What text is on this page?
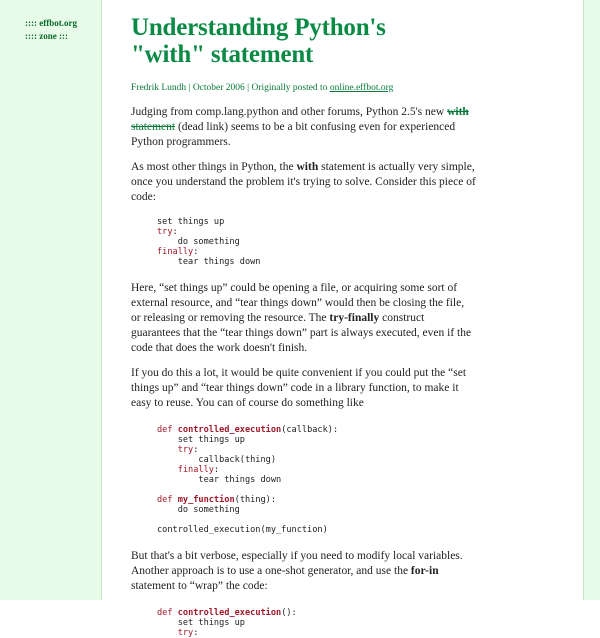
:::: effbot.org
:::: zone :::	Understanding Python's
"with" statement
Fredrik Lundh | October 2006 | Originally posted to online.effbot.org

Judging from comp.lang.python and other forums, Python 2.5's new with
statement (dead link) seems to be a bit confusing even for experienced Python programmers.

As most other things in Python, the with statement is actually very simple, once you understand the problem it's trying to solve. Consider this piece of code:

set things up
try:
do something
finally:
tear things down

Here, “set things up” could be opening a file, or acquiring some sort of external resource, and “tear things down” would then be closing the file, or releasing or removing the resource. The try-finally construct guarantees that the “tear things down” part is always executed, even if the code that does the work doesn't finish.

If you do this a lot, it would be quite convenient if you could put the “set things up” and “tear things down” code in a library function, to make it easy to reuse. You can of course do something like

def controlled_execution(callback):
set things up
try:
callback(thing)
finally:
tear things down

def my_function(thing):
do something

controlled_execution(my_function)

But that's a bit verbose, especially if you need to modify local variables. Another approach is to use a one-shot generator, and use the for-in statement to “wrap” the code:

def controlled_execution():
set things up
try:
